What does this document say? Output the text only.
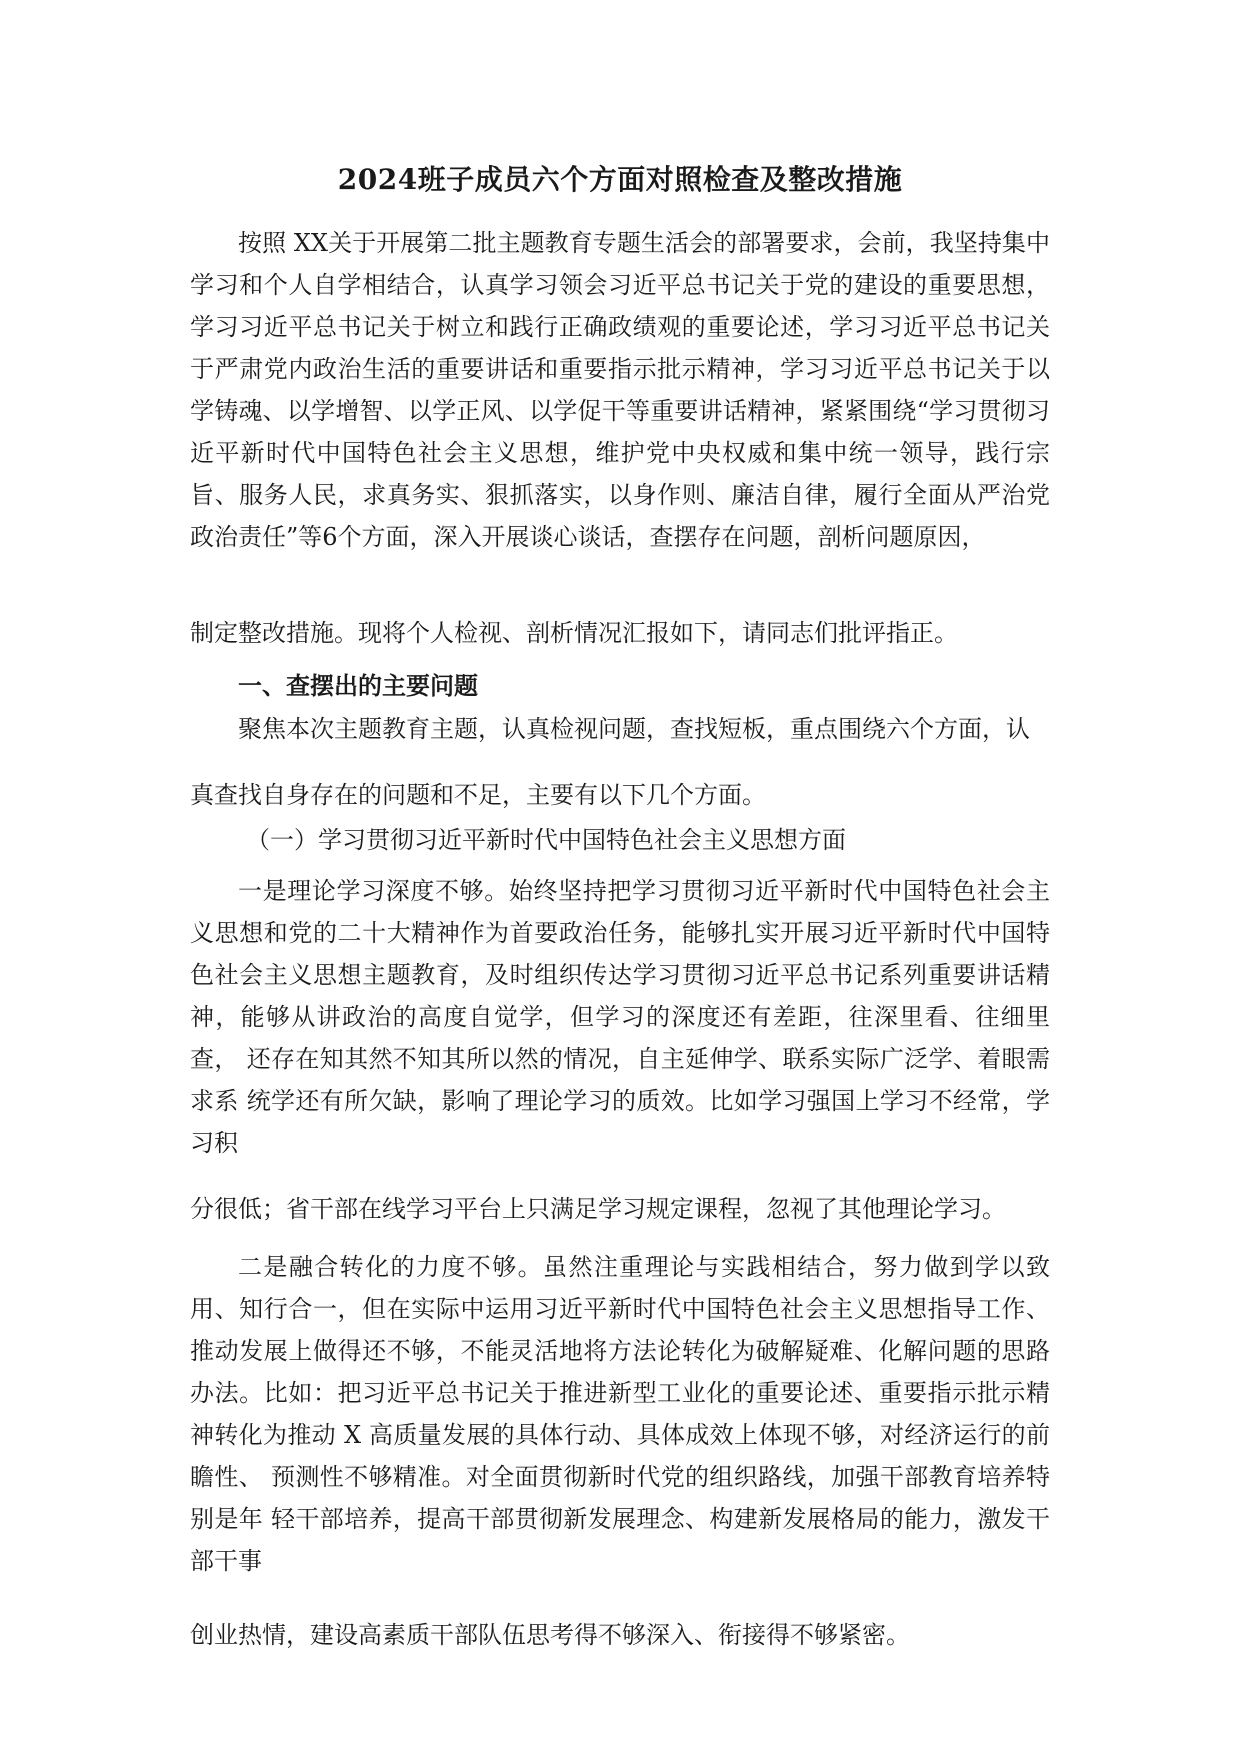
2024班子成员六个方面对照检查及整改措施
按照 XX关于开展第二批主题教育专题生活会的部署要求，会前，我坚持集中学习和个人自学相结合，认真学习领会习近平总书记关于党的建设的重要思想，学习习近平总书记关于树立和践行正确政绩观的重要论述，学习习近平总书记关于严肃党内政治生活的重要讲话和重要指示批示精神，学习习近平总书记关于以学铸魂、以学增智、以学正风、以学促干等重要讲话精神，紧紧围绕“学习贯彻习近平新时代中国特色社会主义思想，维护党中央权威和集中统一领导，践行宗旨、服务人民，求真务实、狠抓落实，以身作则、廉洁自律，履行全面从严治党政治责任”等6个方面，深入开展谈心谈话，查摆存在问题，剖析问题原因，
制定整改措施。现将个人检视、剖析情况汇报如下，请同志们批评指正。
一、查摆出的主要问题
聚焦本次主题教育主题，认真检视问题，查找短板，重点围绕六个方面，认
真查找自身存在的问题和不足，主要有以下几个方面。
（一）学习贯彻习近平新时代中国特色社会主义思想方面
一是理论学习深度不够。始终坚持把学习贯彻习近平新时代中国特色社会主义思想和党的二十大精神作为首要政治任务，能够扎实开展习近平新时代中国特色社会主义思想主题教育，及时组织传达学习贯彻习近平总书记系列重要讲话精神，能够从讲政治的高度自觉学，但学习的深度还有差距，往深里看、往细里查， 还存在知其然不知其所以然的情况，自主延伸学、联系实际广泛学、着眼需求系 统学还有所欠缺，影响了理论学习的质效。比如学习强国上学习不经常，学习积
分很低；省干部在线学习平台上只满足学习规定课程，忽视了其他理论学习。
二是融合转化的力度不够。虽然注重理论与实践相结合，努力做到学以致用、知行合一，但在实际中运用习近平新时代中国特色社会主义思想指导工作、推动发展上做得还不够，不能灵活地将方法论转化为破解疑难、化解问题的思路办法。比如：把习近平总书记关于推进新型工业化的重要论述、重要指示批示精神转化为推动 X 高质量发展的具体行动、具体成效上体现不够，对经济运行的前瞻性、 预测性不够精准。对全面贯彻新时代党的组织路线，加强干部教育培养特别是年 轻干部培养，提高干部贯彻新发展理念、构建新发展格局的能力，激发干部干事
创业热情，建设高素质干部队伍思考得不够深入、衔接得不够紧密。
